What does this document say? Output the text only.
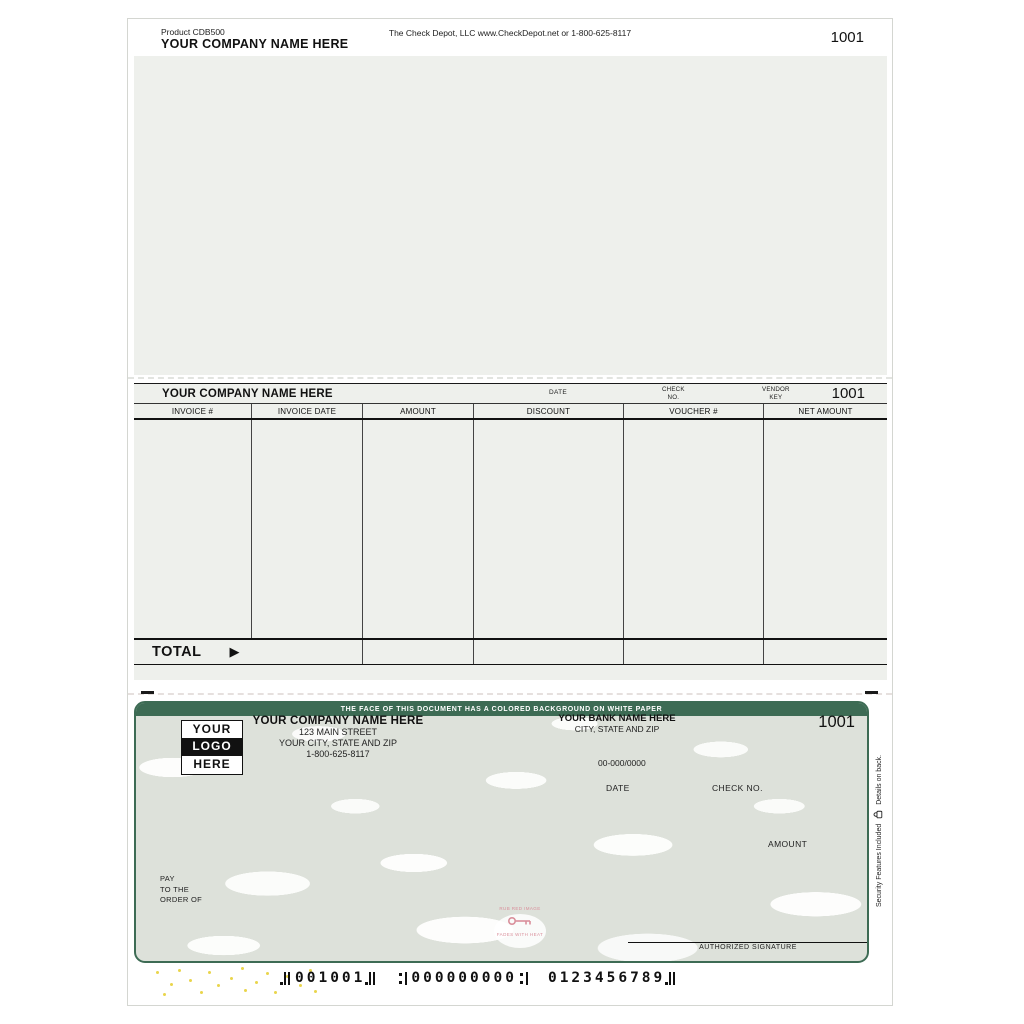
Product CDB500
YOUR COMPANY NAME HERE
The Check Depot, LLC www.CheckDepot.net or 1-800-625-8117	1001
YOUR COMPANY NAME HERE	DATE	CHECK
NO.
VENDOR
KEY	1001
INVOICE #	INVOICE DATE	AMOUNT	DISCOUNT	VOUCHER #	NET AMOUNT
TOTAL ▶
THE FACE OF THIS DOCUMENT HAS A COLORED BACKGROUND ON WHITE PAPER
YOUR
LOGO
HERE
YOUR COMPANY NAME HERE
123 MAIN STREET
YOUR CITY, STATE AND ZIP
1-800-625-8117
YOUR BANK NAME HERE
CITY, STATE AND ZIP	1001
00-000/0000
DATE	CHECK NO.
AMOUNT
PAY
TO THE
ORDER OF
RUB RED IMAGE
FADES WITH HEAT
AUTHORIZED SIGNATURE
Security Features Included
Details on back.
001001	000000000 0123456789
